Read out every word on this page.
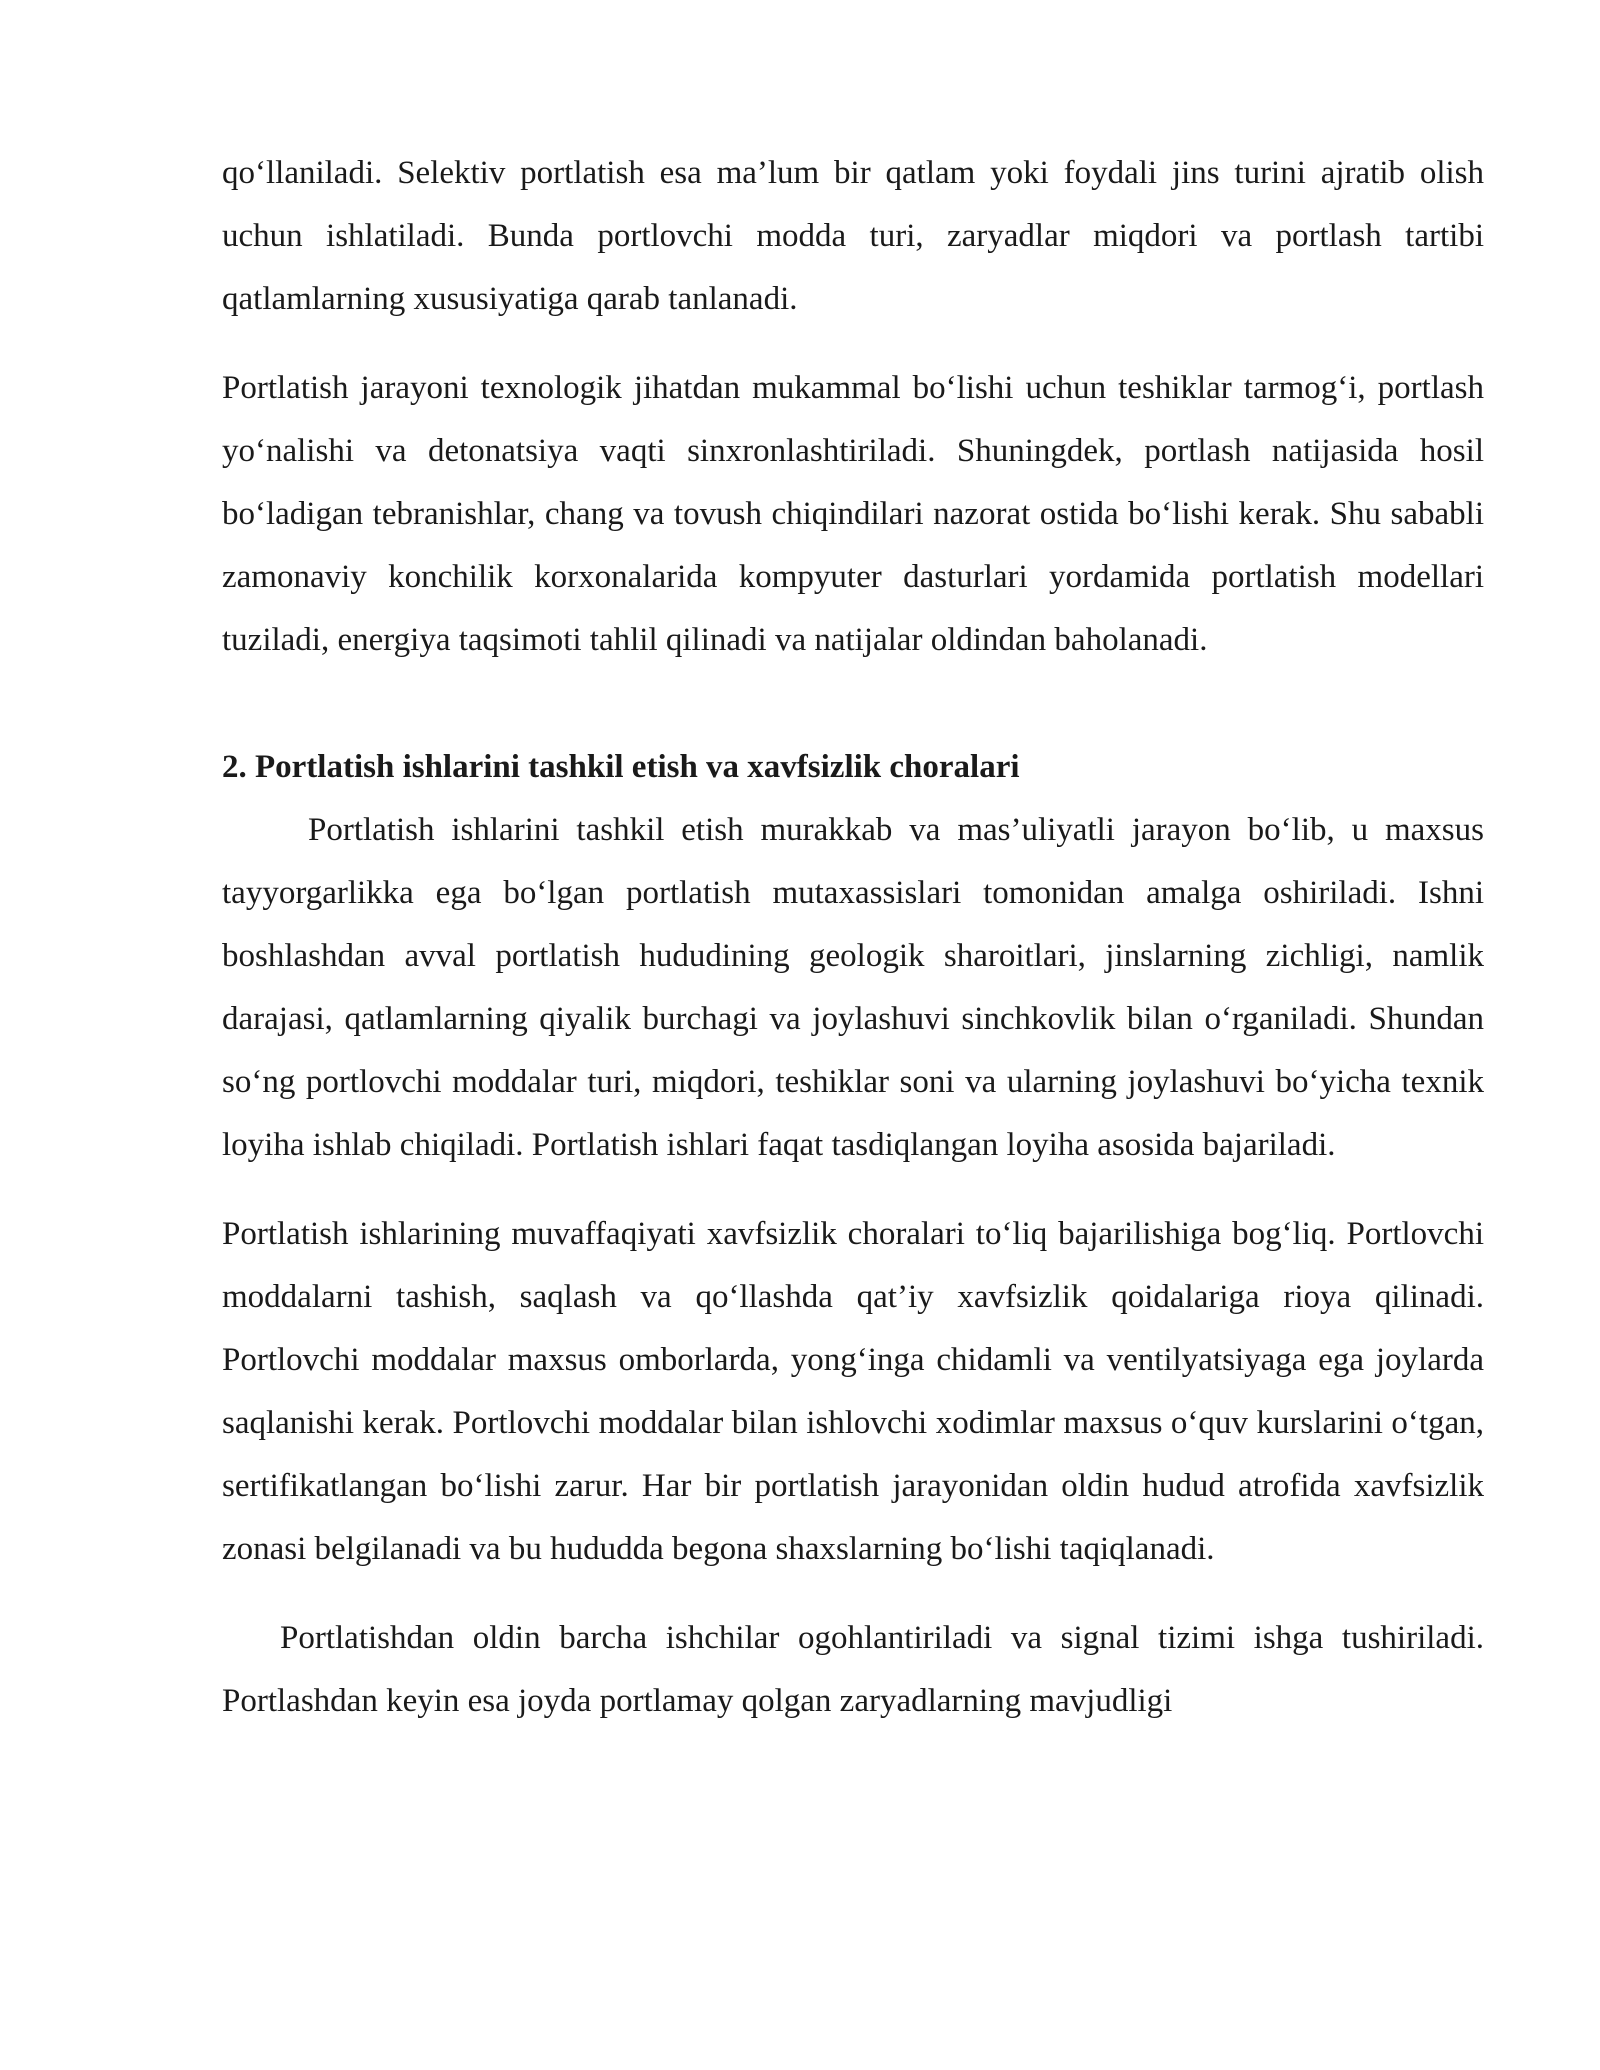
qo‘llaniladi. Selektiv portlatish esa ma’lum bir qatlam yoki foydali jins turini ajratib olish uchun ishlatiladi. Bunda portlovchi modda turi, zaryadlar miqdori va portlash tartibi qatlamlarning xususiyatiga qarab tanlanadi.

Portlatish jarayoni texnologik jihatdan mukammal bo‘lishi uchun teshiklar tarmog‘i, portlash yo‘nalishi va detonatsiya vaqti sinxronlashtiriladi. Shuningdek, portlash natijasida hosil bo‘ladigan tebranishlar, chang va tovush chiqindilari nazorat ostida bo‘lishi kerak. Shu sababli zamonaviy konchilik korxonalarida kompyuter dasturlari yordamida portlatish modellari tuziladi, energiya taqsimoti tahlil qilinadi va natijalar oldindan baholanadi.

2. Portlatish ishlarini tashkil etish va xavfsizlik choralari

Portlatish ishlarini tashkil etish murakkab va mas’uliyatli jarayon bo‘lib, u maxsus tayyorgarlikka ega bo‘lgan portlatish mutaxassislari tomonidan amalga oshiriladi. Ishni boshlashdan avval portlatish hududining geologik sharoitlari, jinslarning zichligi, namlik darajasi, qatlamlarning qiyalik burchagi va joylashuvi sinchkovlik bilan o‘rganiladi. Shundan so‘ng portlovchi moddalar turi, miqdori, teshiklar soni va ularning joylashuvi bo‘yicha texnik loyiha ishlab chiqiladi. Portlatish ishlari faqat tasdiqlangan loyiha asosida bajariladi.

Portlatish ishlarining muvaffaqiyati xavfsizlik choralari to‘liq bajarilishiga bog‘liq. Portlovchi moddalarni tashish, saqlash va qo‘llashda qat’iy xavfsizlik qoidalariga rioya qilinadi. Portlovchi moddalar maxsus omborlarda, yong‘inga chidamli va ventilyatsiyaga ega joylarda saqlanishi kerak. Portlovchi moddalar bilan ishlovchi xodimlar maxsus o‘quv kurslarini o‘tgan, sertifikatlangan bo‘lishi zarur. Har bir portlatish jarayonidan oldin hudud atrofida xavfsizlik zonasi belgilanadi va bu hududda begona shaxslarning bo‘lishi taqiqlanadi.

Portlatishdan oldin barcha ishchilar ogohlantiriladi va signal tizimi ishga tushiriladi. Portlashdan keyin esa joyda portlamay qolgan zaryadlarning mavjudligi
